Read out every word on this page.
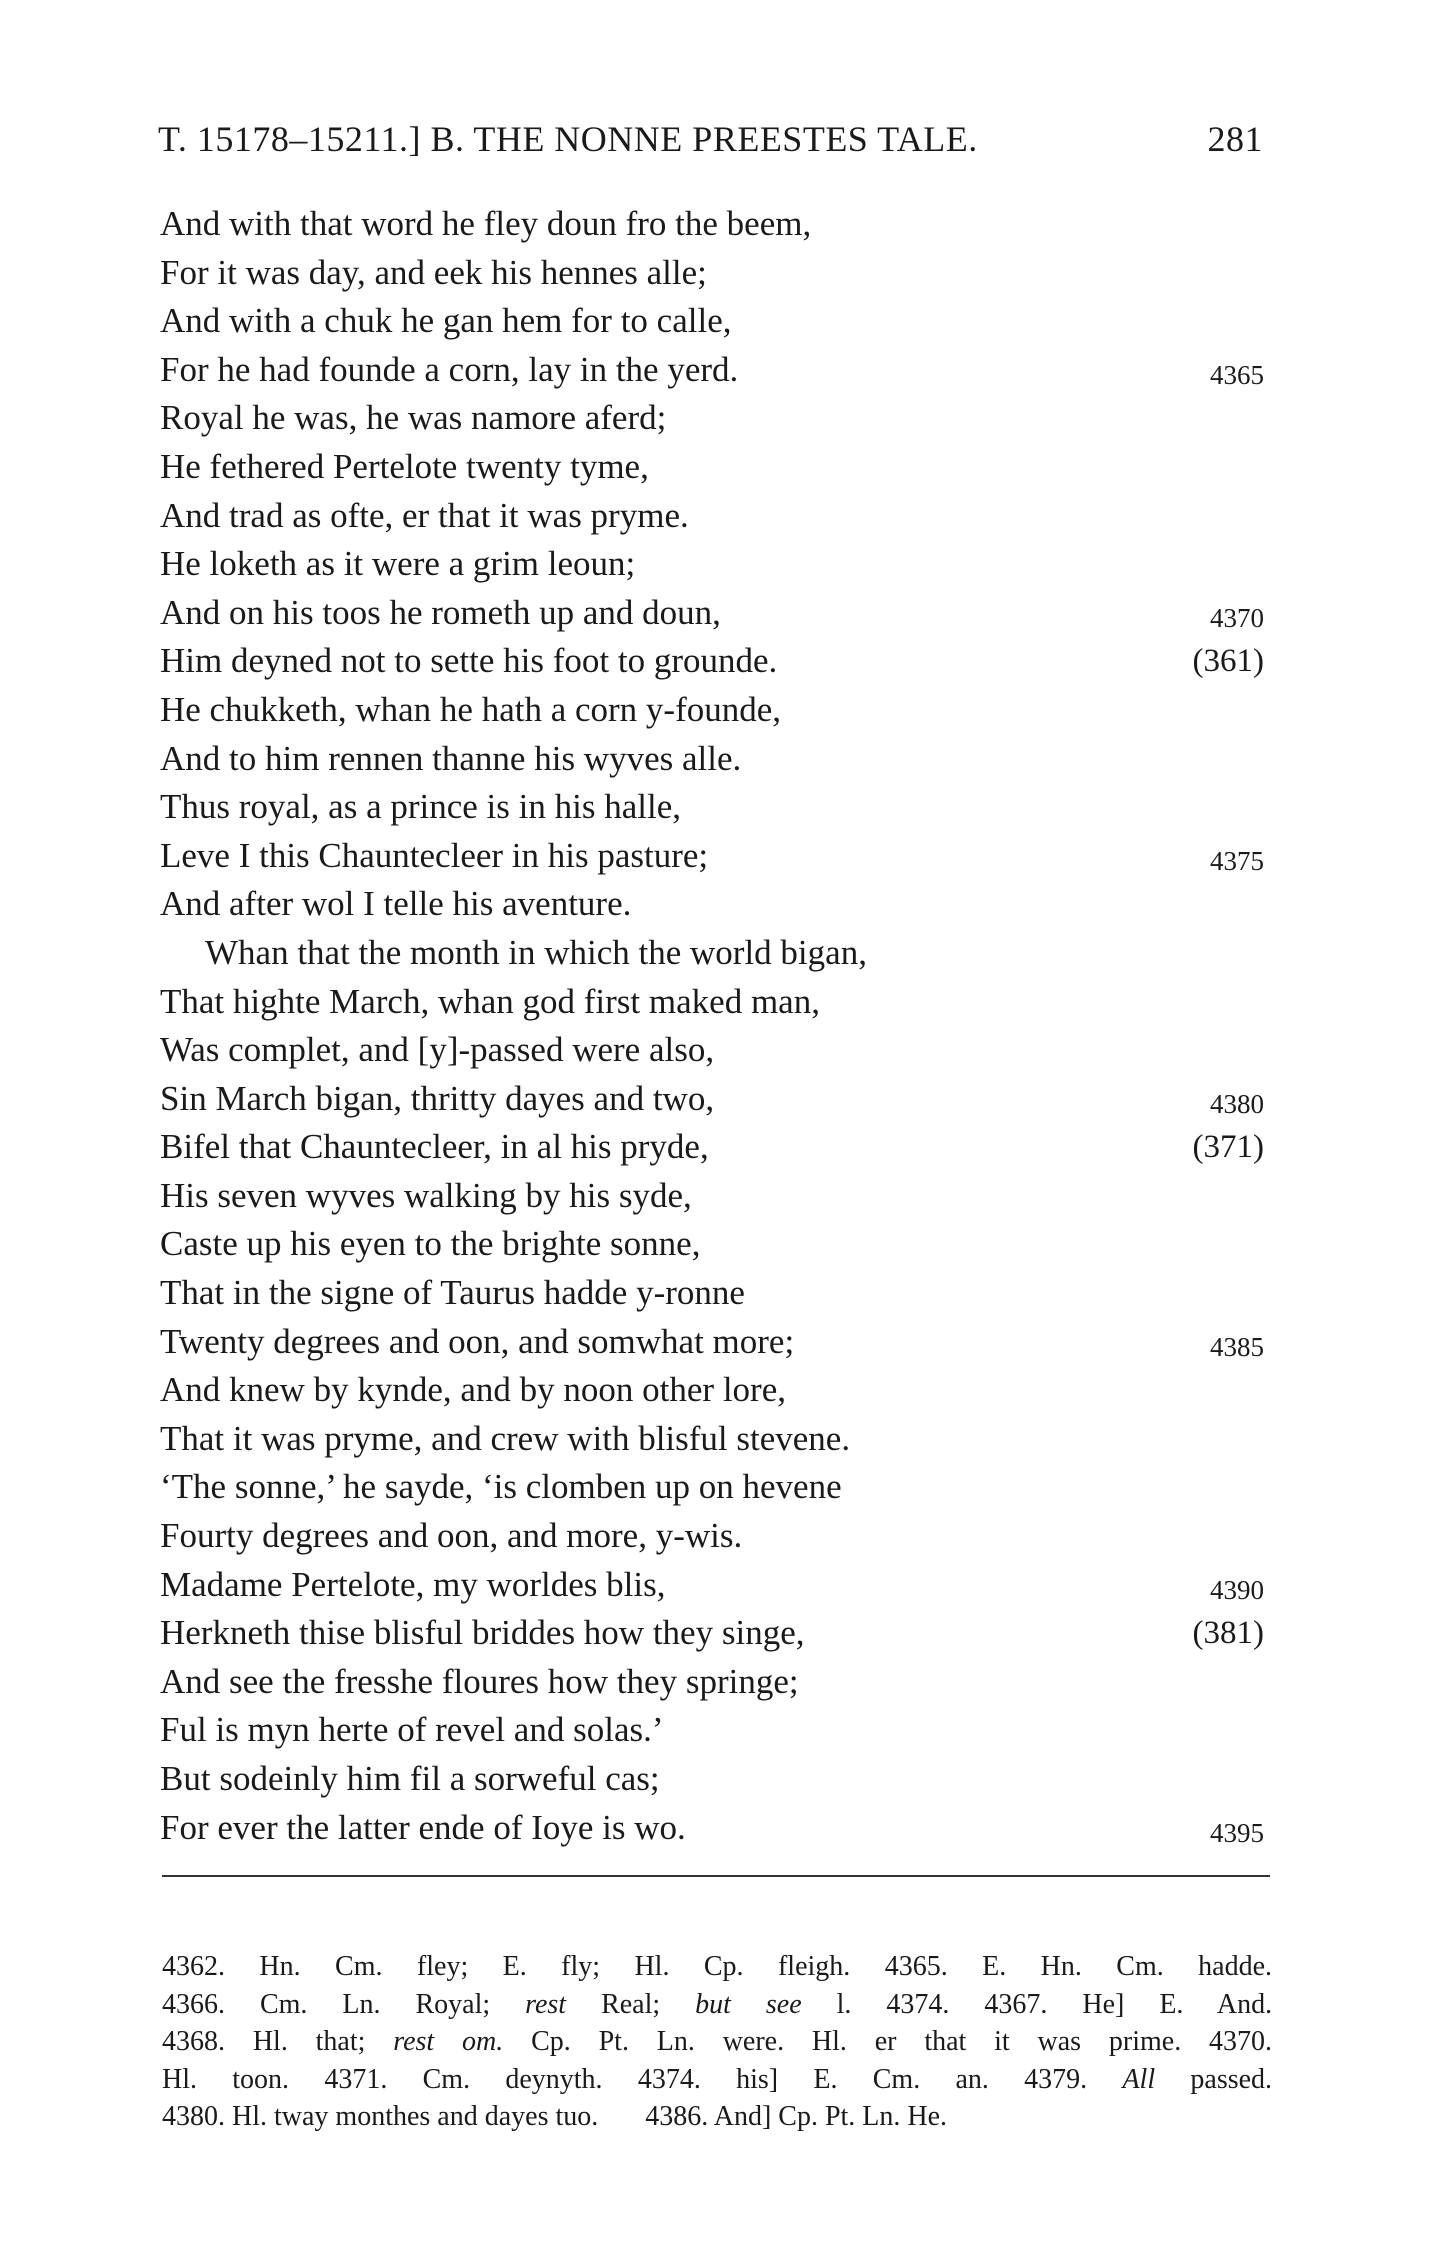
T. 15178–15211.] B. THE NONNE PREESTES TALE.	281
And with that word he fley doun fro the beem,
For it was day, and eek his hennes alle;
And with a chuk he gan hem for to calle,
For he had founde a corn, lay in the yerd.	4365
Royal he was, he was namore aferd;
He fethered Pertelote twenty tyme,
And trad as ofte, er that it was pryme.
He loketh as it were a grim leoun;
And on his toos he rometh up and doun,	4370
Him deyned not to sette his foot to grounde.	(361)
He chukketh, whan he hath a corn y-founde,
And to him rennen thanne his wyves alle.
Thus royal, as a prince is in his halle,
Leve I this Chauntecleer in his pasture;	4375
And after wol I telle his aventure.
Whan that the month in which the world bigan,
That highte March, whan god first maked man,
Was complet, and [y]-passed were also,
Sin March bigan, thritty dayes and two,	4380
Bifel that Chauntecleer, in al his pryde,	(371)
His seven wyves walking by his syde,
Caste up his eyen to the brighte sonne,
That in the signe of Taurus hadde y-ronne
Twenty degrees and oon, and somwhat more;	4385
And knew by kynde, and by noon other lore,
That it was pryme, and crew with blisful stevene.
‘The sonne,’ he sayde, ‘is clomben up on hevene
Fourty degrees and oon, and more, y-wis.
Madame Pertelote, my worldes blis,	4390
Herkneth thise blisful briddes how they singe,	(381)
And see the fresshe floures how they springe;
Ful is myn herte of revel and solas.’
But sodeinly him fil a sorweful cas;
For ever the latter ende of Ioye is wo.	4395
4362. Hn. Cm. fley; E. fly; Hl. Cp. fleigh. 4365. E. Hn. Cm. hadde.
4366. Cm. Ln. Royal; rest Real; but see l. 4374. 4367. He] E. And.
4368. Hl. that; rest om. Cp. Pt. Ln. were. Hl. er that it was prime. 4370.
Hl. toon. 4371. Cm. deynyth. 4374. his] E. Cm. an. 4379. All passed.
4380. Hl. tway monthes and dayes tuo. 4386. And] Cp. Pt. Ln. He.
